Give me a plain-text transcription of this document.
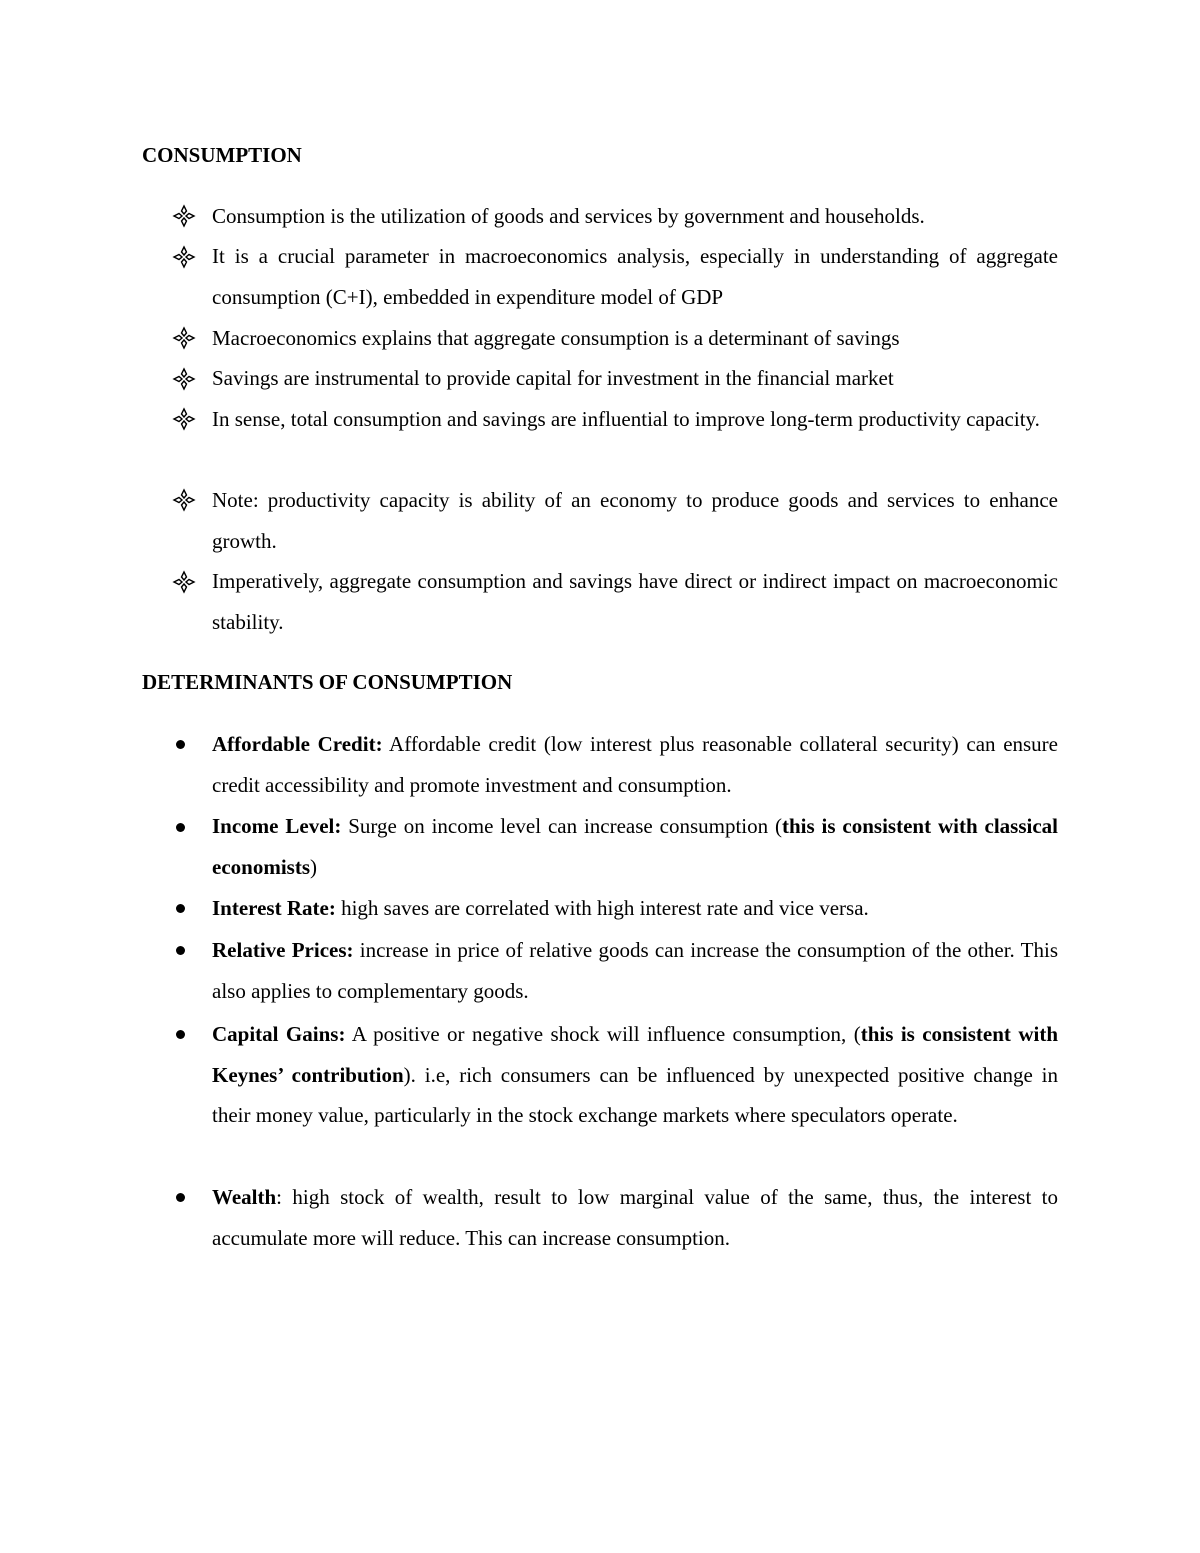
CONSUMPTION
Consumption is the utilization of goods and services by government and households.
It is a crucial parameter in macroeconomics analysis, especially in understanding of aggregate consumption (C+I), embedded in expenditure model of GDP
Macroeconomics explains that aggregate consumption is a determinant of savings
Savings are instrumental to provide capital for investment in the financial market
In sense, total consumption and savings are influential to improve long-term productivity capacity.
Note: productivity capacity is ability of an economy to produce goods and services to enhance growth.
Imperatively, aggregate consumption and savings have direct or indirect impact on macroeconomic stability.
DETERMINANTS OF CONSUMPTION
Affordable Credit: Affordable credit (low interest plus reasonable collateral security) can ensure credit accessibility and promote investment and consumption.
Income Level: Surge on income level can increase consumption (this is consistent with classical economists)
Interest Rate: high saves are correlated with high interest rate and vice versa.
Relative Prices: increase in price of relative goods can increase the consumption of the other. This also applies to complementary goods.
Capital Gains: A positive or negative shock will influence consumption, (this is consistent with Keynes’ contribution). i.e, rich consumers can be influenced by unexpected positive change in their money value, particularly in the stock exchange markets where speculators operate.
Wealth: high stock of wealth, result to low marginal value of the same, thus, the interest to accumulate more will reduce. This can increase consumption.
